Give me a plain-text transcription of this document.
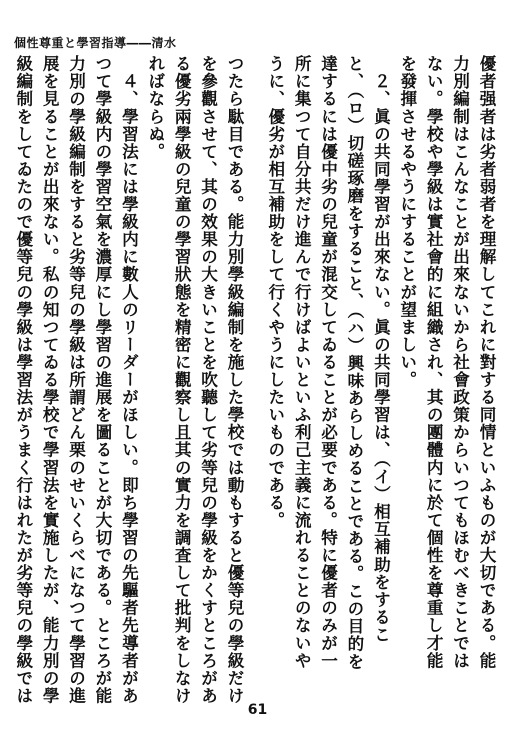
個性尊重と學習指導――清水
優者强者は劣者弱者を理解してこれに對する同情といふものが大切である。能力別編制はこんなことが出來ないから社會政策からいつてもほむべきことではない。學校や學級は實社會的に組織され、其の團體内に於て個性を尊重し才能を發揮させるやうにすることが望ましい。
　２、眞の共同學習が出來ない。眞の共同學習は、（イ）相互補助をすること、（ロ）切磋琢磨をすること、（ハ）興味あらしめることである。この目的を達するには優中劣の兒童が混交してゐることが必要である。特に優者のみが一所に集つて自分共だけ進んで行けばよいといふ利己主義に流れることのないやうに、優劣が相互補助をして行くやうにしたいものである。

つたら駄目である。能力別學級編制を施した學校では動もすると優等兒の學級だけを參觀させて、其の效果の大きいことを吹聽して劣等兒の學級をかくすところがある優劣兩學級の兒童の學習狀態を精密に觀察し且其の實力を調査して批判をしなければならぬ。
　４、學習法には學級内に數人のリーダーがほしい。即ち學習の先驅者先導者があつて學級内の學習空氣を濃厚にし學習の進展を圖ることが大切である。ところが能力別の學級編制をすると劣等兒の學級は所謂どん栗のせいくらべになつて學習の進展を見ることが出來ない。私の知つてゐる學校で學習法を實施したが、能力別の學級編制をしてゐたので優等兒の學級は學習法がうまく行はれたが劣等兒の學級では
61
